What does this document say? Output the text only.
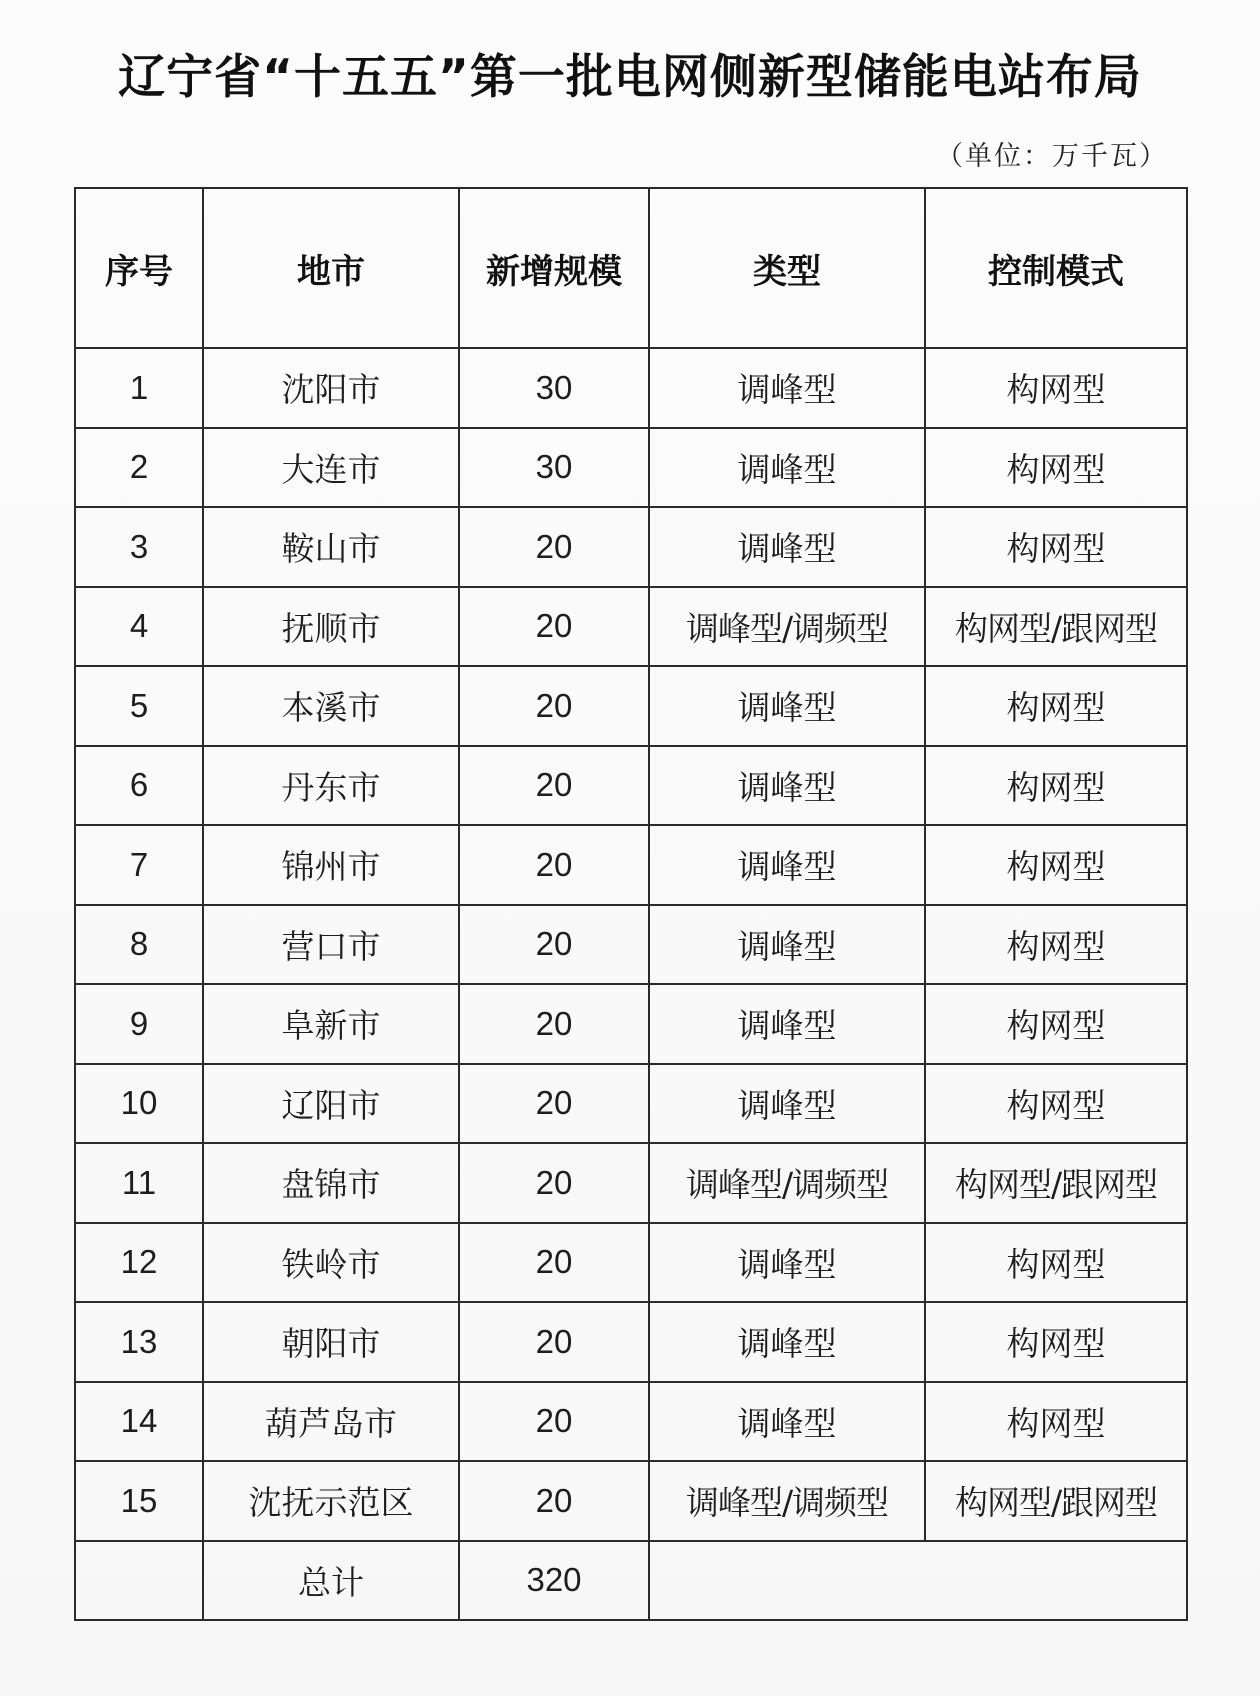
辽宁省“十五五”第一批电网侧新型储能电站布局
（单位：万千瓦）
序号	地市	新增规模	类型	控制模式
1	沈阳市	30	调峰型	构网型
2	大连市	30	调峰型	构网型
3	鞍山市	20	调峰型	构网型
4	抚顺市	20	调峰型/调频型	构网型/跟网型
5	本溪市	20	调峰型	构网型
6	丹东市	20	调峰型	构网型
7	锦州市	20	调峰型	构网型
8	营口市	20	调峰型	构网型
9	阜新市	20	调峰型	构网型
10	辽阳市	20	调峰型	构网型
11	盘锦市	20	调峰型/调频型	构网型/跟网型
12	铁岭市	20	调峰型	构网型
13	朝阳市	20	调峰型	构网型
14	葫芦岛市	20	调峰型	构网型
15	沈抚示范区	20	调峰型/调频型	构网型/跟网型
	总计	320		
